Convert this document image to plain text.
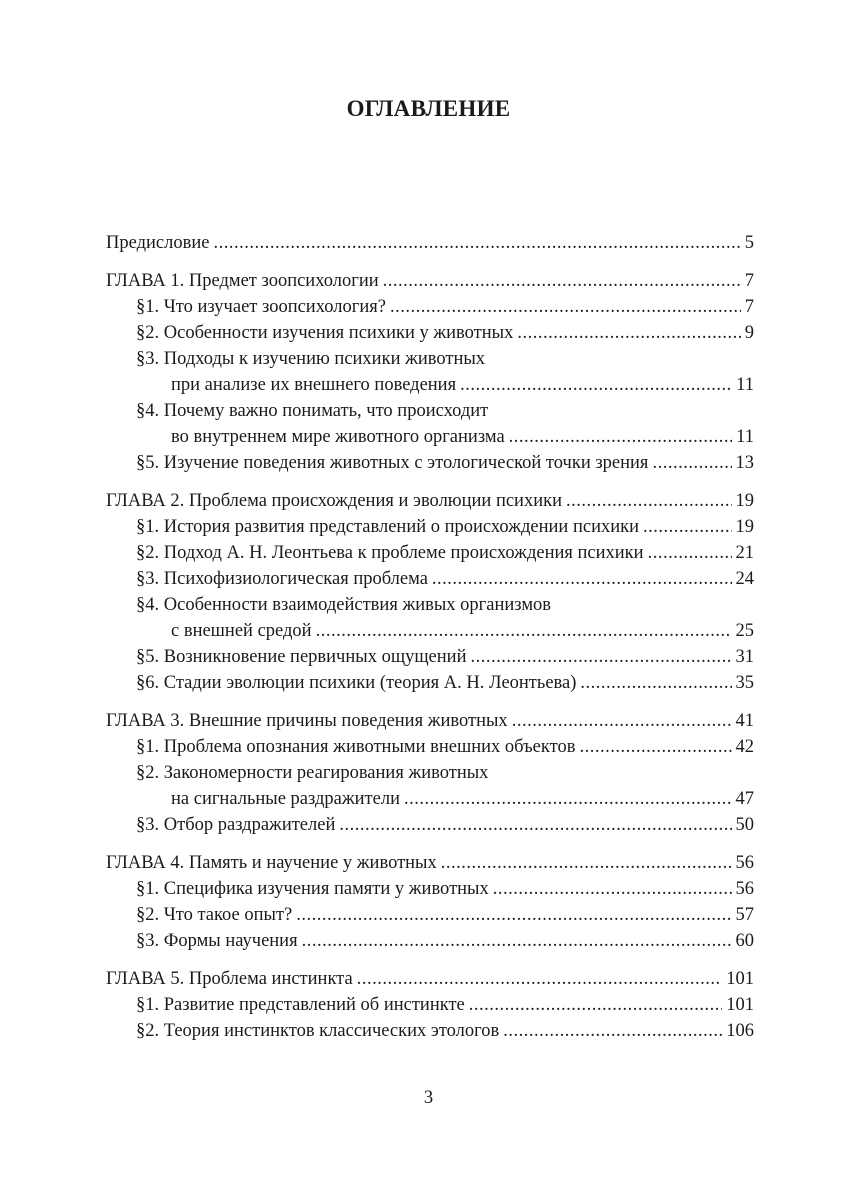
ОГЛАВЛЕНИЕ
Предисловие .....	5
ГЛАВА 1. Предмет зоопсихологии .....	7
§1. Что изучает зоопсихология? .....	7
§2. Особенности изучения психики у животных .....	9
§3. Подходы к изучению психики животных
при анализе их внешнего поведения .....	11
§4. Почему важно понимать, что происходит
во внутреннем мире животного организма .....	11
§5. Изучение поведения животных с этологической точки зрения .....	13
ГЛАВА 2. Проблема происхождения и эволюции психики .....	19
§1. История развития представлений о происхождении психики .....	19
§2. Подход А. Н. Леонтьева к проблеме происхождения психики .....	21
§3. Психофизиологическая проблема .....	24
§4. Особенности взаимодействия живых организмов
с внешней средой .....	25
§5. Возникновение первичных ощущений .....	31
§6. Стадии эволюции психики (теория А. Н. Леонтьева) .....	35
ГЛАВА 3. Внешние причины поведения животных .....	41
§1. Проблема опознания животными внешних объектов .....	42
§2. Закономерности реагирования животных
на сигнальные раздражители .....	47
§3. Отбор раздражителей .....	50
ГЛАВА 4. Память и научение у животных .....	56
§1. Специфика изучения памяти у животных .....	56
§2. Что такое опыт? .....	57
§3. Формы научения .....	60
ГЛАВА 5. Проблема инстинкта .....	101
§1. Развитие представлений об инстинкте .....	101
§2. Теория инстинктов классических этологов .....	106
3
